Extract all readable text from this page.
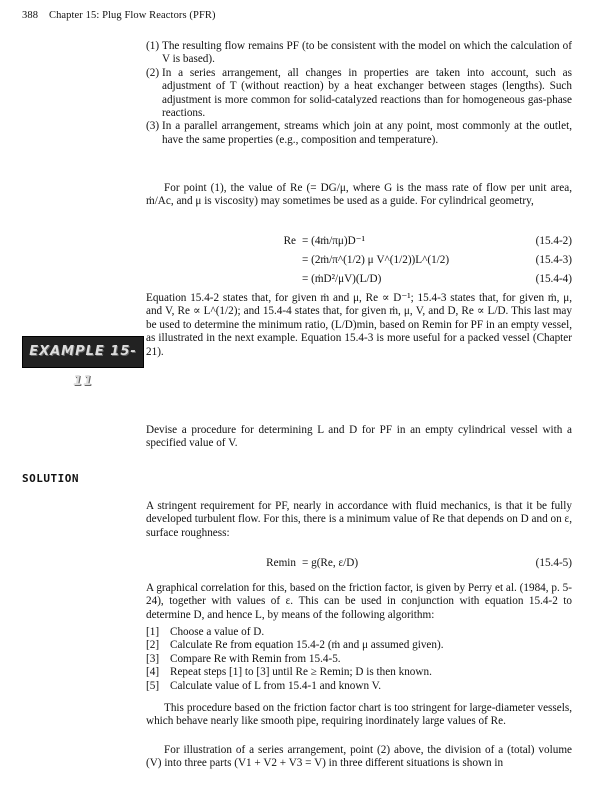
388 Chapter 15: Plug Flow Reactors (PFR)
(1) The resulting flow remains PF (to be consistent with the model on which the calculation of V is based).
(2) In a series arrangement, all changes in properties are taken into account, such as adjustment of T (without reaction) by a heat exchanger between stages (lengths). Such adjustment is more common for solid-catalyzed reactions than for homogeneous gas-phase reactions.
(3) In a parallel arrangement, streams which join at any point, most commonly at the outlet, have the same properties (e.g., composition and temperature).
For point (1), the value of Re (= DG/μ, where G is the mass rate of flow per unit area, ṁ/Ac, and μ is viscosity) may sometimes be used as a guide. For cylindrical geometry,
Re = (4ṁ/πμ)D⁻¹	(15.4-2)
= (2ṁ/π^(1/2) μ V^(1/2))L^(1/2)	(15.4-3)
= (ṁD²/μV)(L/D)	(15.4-4)
Equation 15.4-2 states that, for given ṁ and μ, Re ∝ D⁻¹; 15.4-3 states that, for given ṁ, μ, and V, Re ∝ L^(1/2); and 15.4-4 states that, for given ṁ, μ, V, and D, Re ∝ L/D. This last may be used to determine the minimum ratio, (L/D)min, based on Remin for PF in an empty vessel, as illustrated in the next example. Equation 15.4-3 is more useful for a packed vessel (Chapter 21).
EXAMPLE 15-11
Devise a procedure for determining L and D for PF in an empty cylindrical vessel with a specified value of V.
SOLUTION
A stringent requirement for PF, nearly in accordance with fluid mechanics, is that it be fully developed turbulent flow. For this, there is a minimum value of Re that depends on D and on ε, surface roughness:
Remin = g(Re, ε/D)	(15.4-5)
A graphical correlation for this, based on the friction factor, is given by Perry et al. (1984, p. 5-24), together with values of ε. This can be used in conjunction with equation 15.4-2 to determine D, and hence L, by means of the following algorithm:
[1] Choose a value of D.
[2] Calculate Re from equation 15.4-2 (ṁ and μ assumed given).
[3] Compare Re with Remin from 15.4-5.
[4] Repeat steps [1] to [3] until Re ≥ Remin; D is then known.
[5] Calculate value of L from 15.4-1 and known V.
This procedure based on the friction factor chart is too stringent for large-diameter vessels, which behave nearly like smooth pipe, requiring inordinately large values of Re.
For illustration of a series arrangement, point (2) above, the division of a (total) volume (V) into three parts (V1 + V2 + V3 = V) in three different situations is shown in
